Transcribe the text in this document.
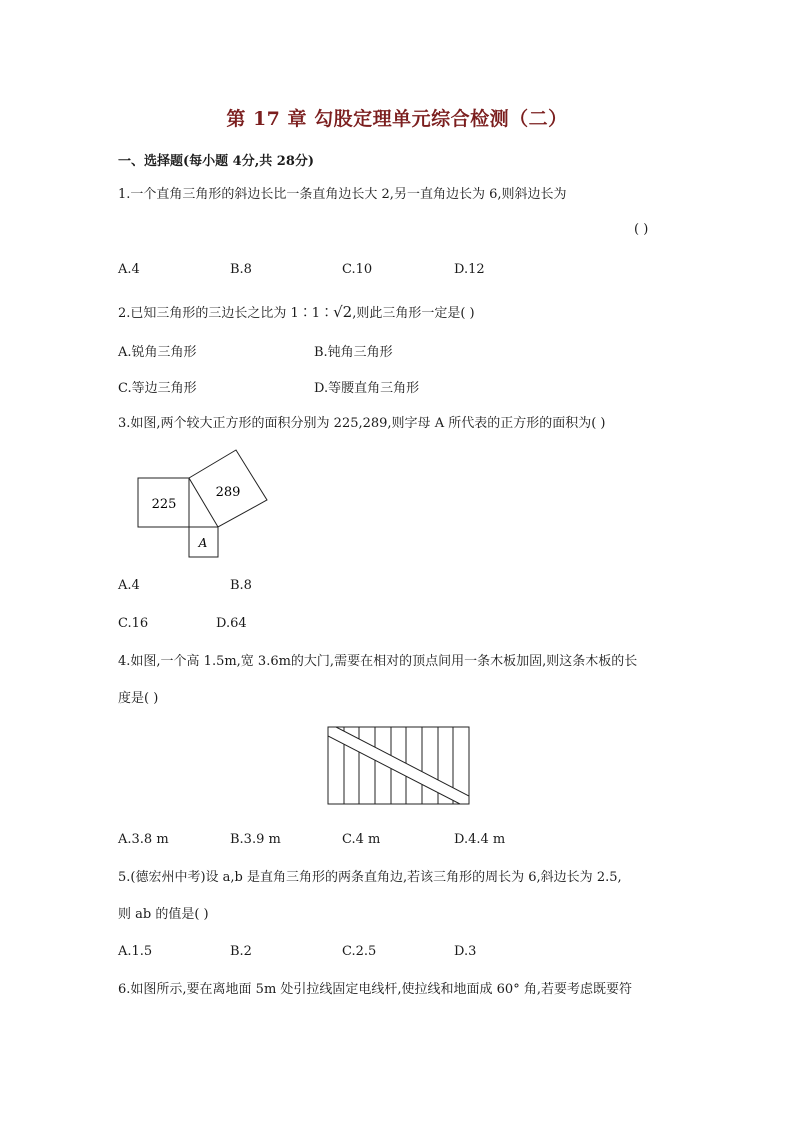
第 17 章 勾股定理单元综合检测（二）
一、选择题(每小题 4分,共 28分)
1.一个直角三角形的斜边长比一条直角边长大 2,另一直角边长为 6,则斜边长为
( )
A.4	B.8	C.10	D.12
2.已知三角形的三边长之比为 1∶1∶√2,则此三角形一定是( )
A.锐角三角形	B.钝角三角形
C.等边三角形	D.等腰直角三角形
3.如图,两个较大正方形的面积分别为 225,289,则字母 A 所代表的正方形的面积为( )
225
289
A
A.4	B.8
C.16	D.64
4.如图,一个高 1.5m,宽 3.6m的大门,需要在相对的顶点间用一条木板加固,则这条木板的长
度是( )
A.3.8 m	B.3.9 m	C.4 m	D.4.4 m
5.(德宏州中考)设 a,b 是直角三角形的两条直角边,若该三角形的周长为 6,斜边长为 2.5,
则 ab 的值是( )
A.1.5	B.2	C.2.5	D.3
6.如图所示,要在离地面 5m 处引拉线固定电线杆,使拉线和地面成 60° 角,若要考虑既要符
